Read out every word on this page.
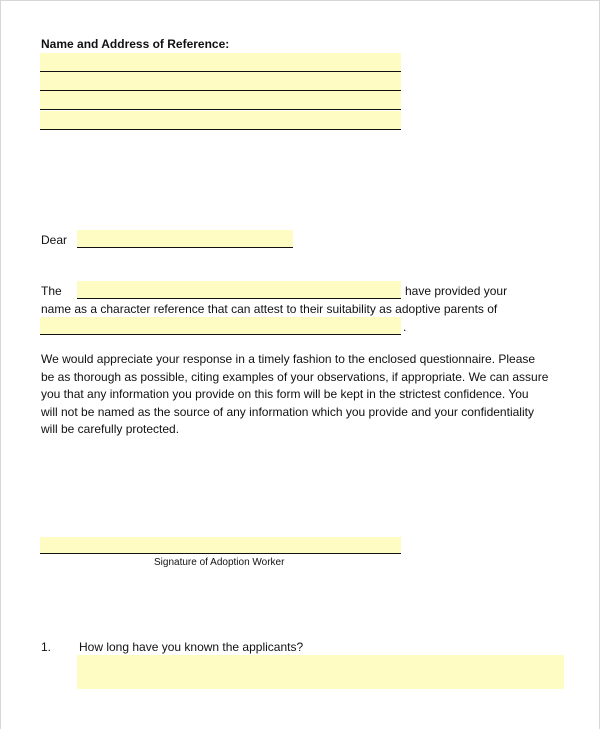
Name and Address of Reference:
Dear
The	have provided your
name as a character reference that can attest to their suitability as adoptive parents of
.
We would appreciate your response in a timely fashion to the enclosed questionnaire. Please
be as thorough as possible, citing examples of your observations, if appropriate. We can assure
you that any information you provide on this form will be kept in the strictest confidence. You
will not be named as the source of any information which you provide and your confidentiality
will be carefully protected.
Signature of Adoption Worker
1. How long have you known the applicants?
